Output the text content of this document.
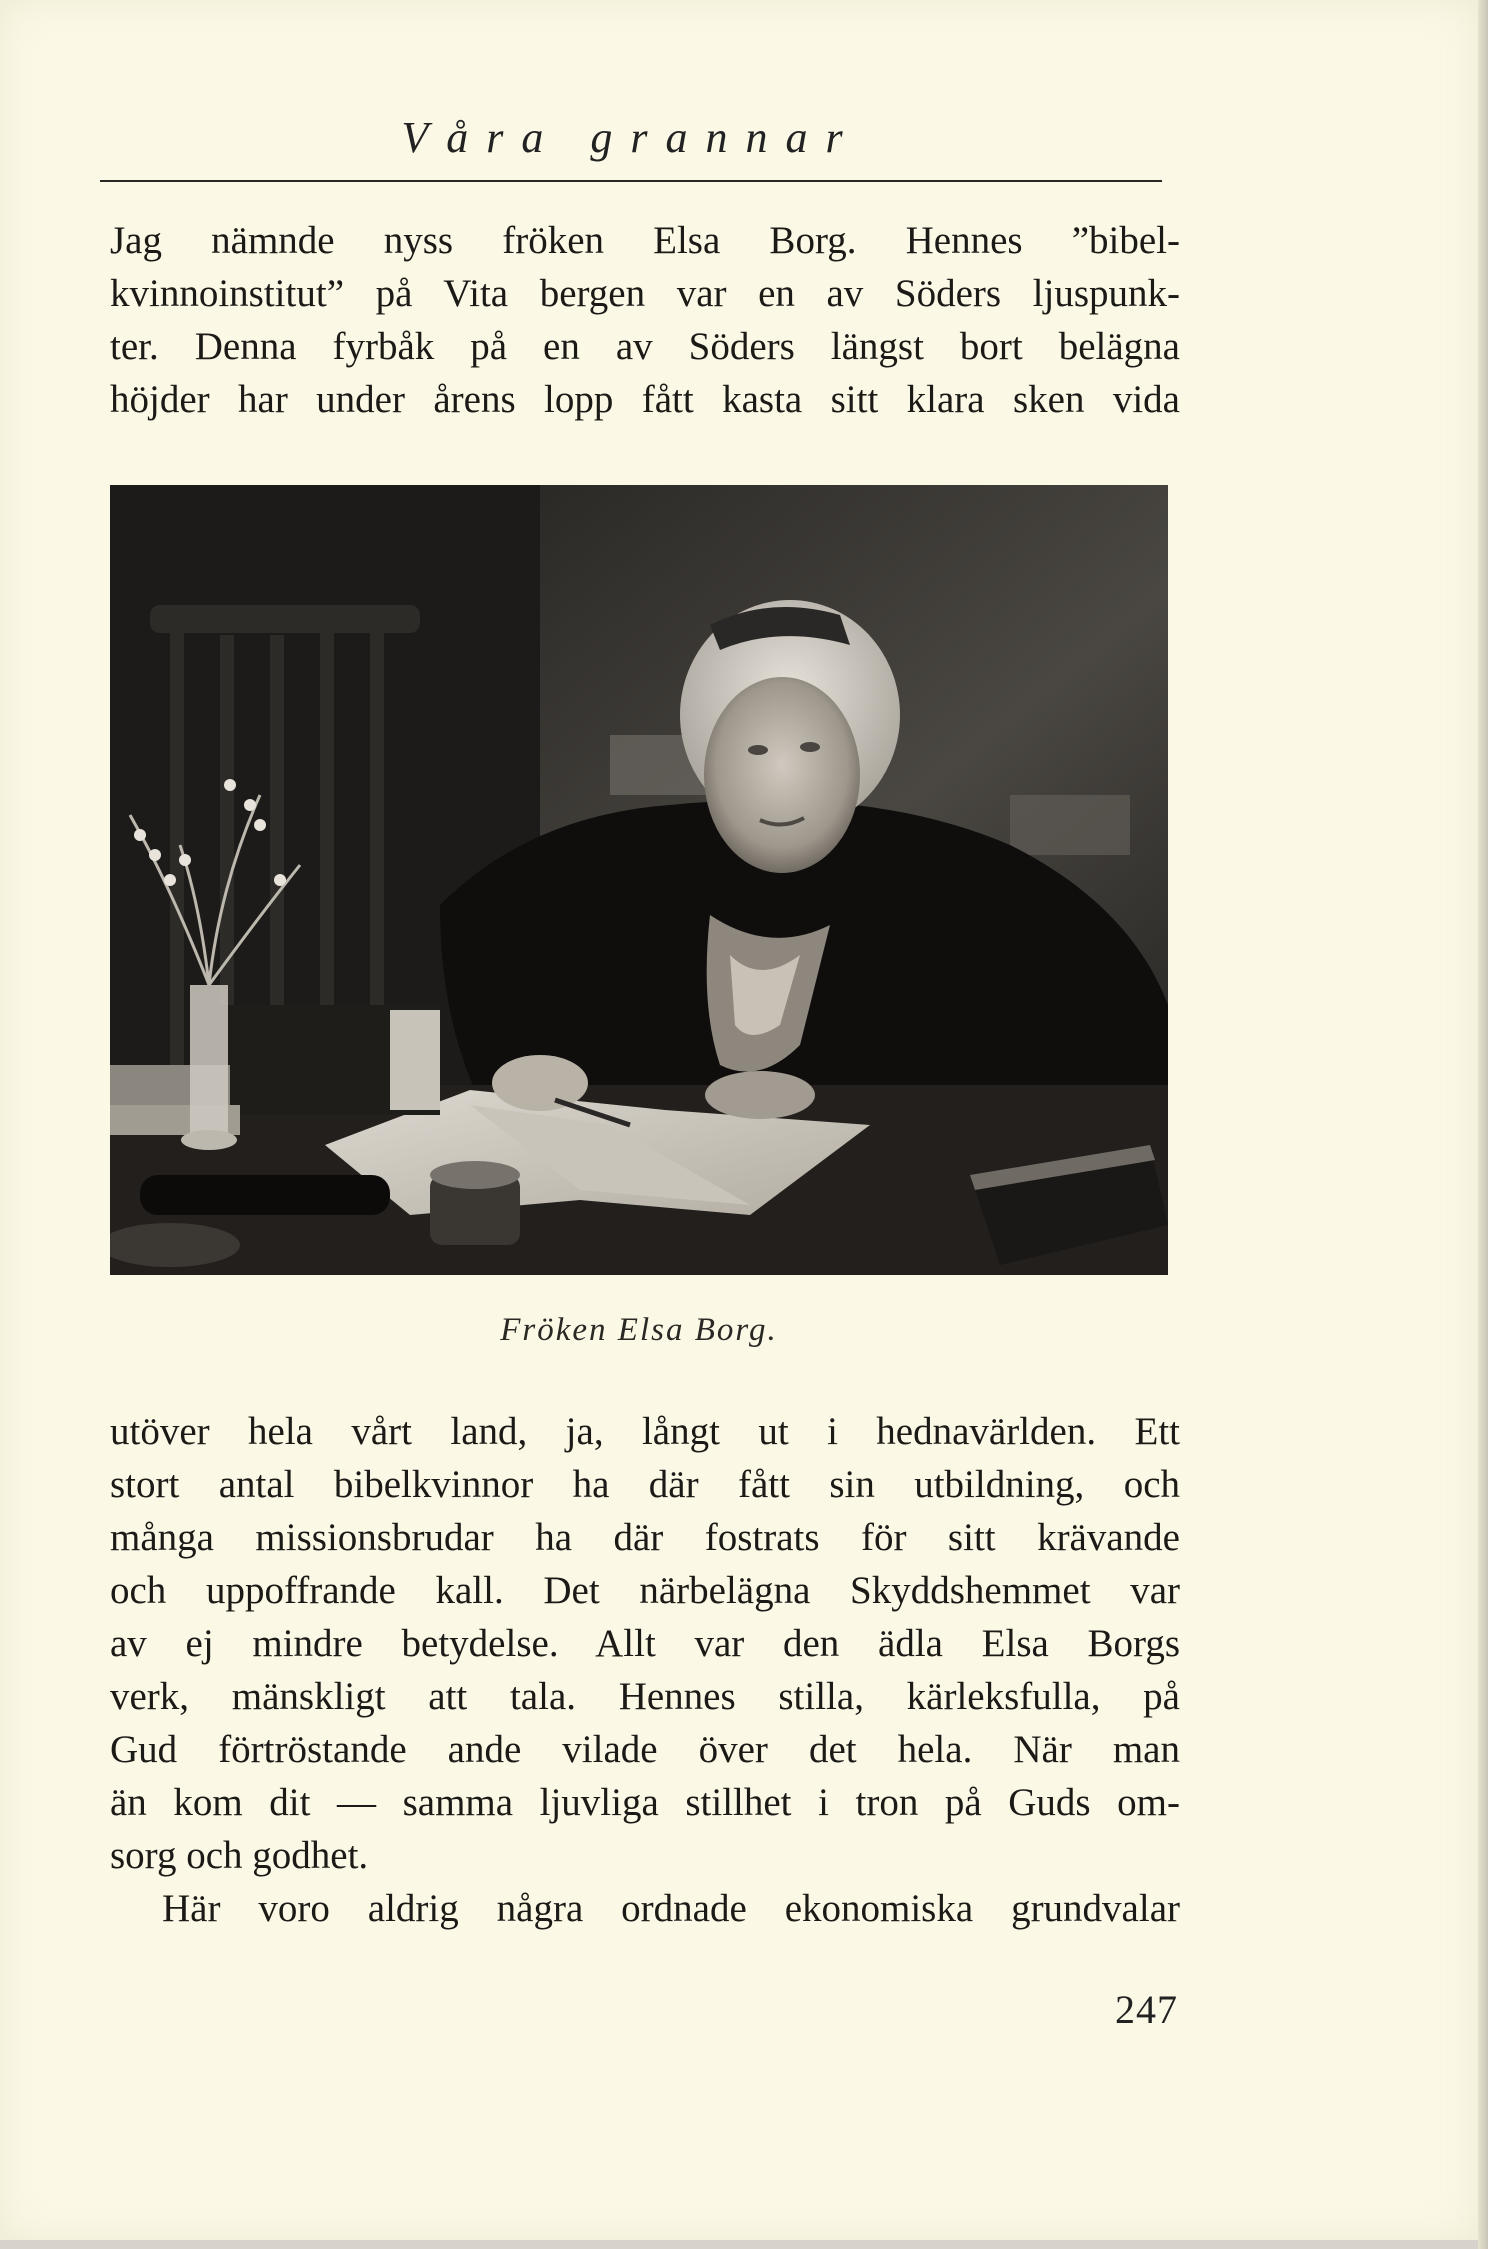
Våra grannar

Jag nämnde nyss fröken Elsa Borg. Hennes ”bibel-
kvinnoinstitut” på Vita bergen var en av Söders ljuspunk-
ter. Denna fyrbåk på en av Söders längst bort belägna
höjder har under årens lopp fått kasta sitt klara sken vida

Fröken Elsa Borg.

utöver hela vårt land, ja, långt ut i hednavärlden. Ett
stort antal bibelkvinnor ha där fått sin utbildning, och
många missionsbrudar ha där fostrats för sitt krävande
och uppoffrande kall. Det närbelägna Skyddshemmet var
av ej mindre betydelse. Allt var den ädla Elsa Borgs
verk, mänskligt att tala. Hennes stilla, kärleksfulla, på
Gud förtröstande ande vilade över det hela. När man
än kom dit — samma ljuvliga stillhet i tron på Guds om-
sorg och godhet.

Här voro aldrig några ordnade ekonomiska grundvalar

247
